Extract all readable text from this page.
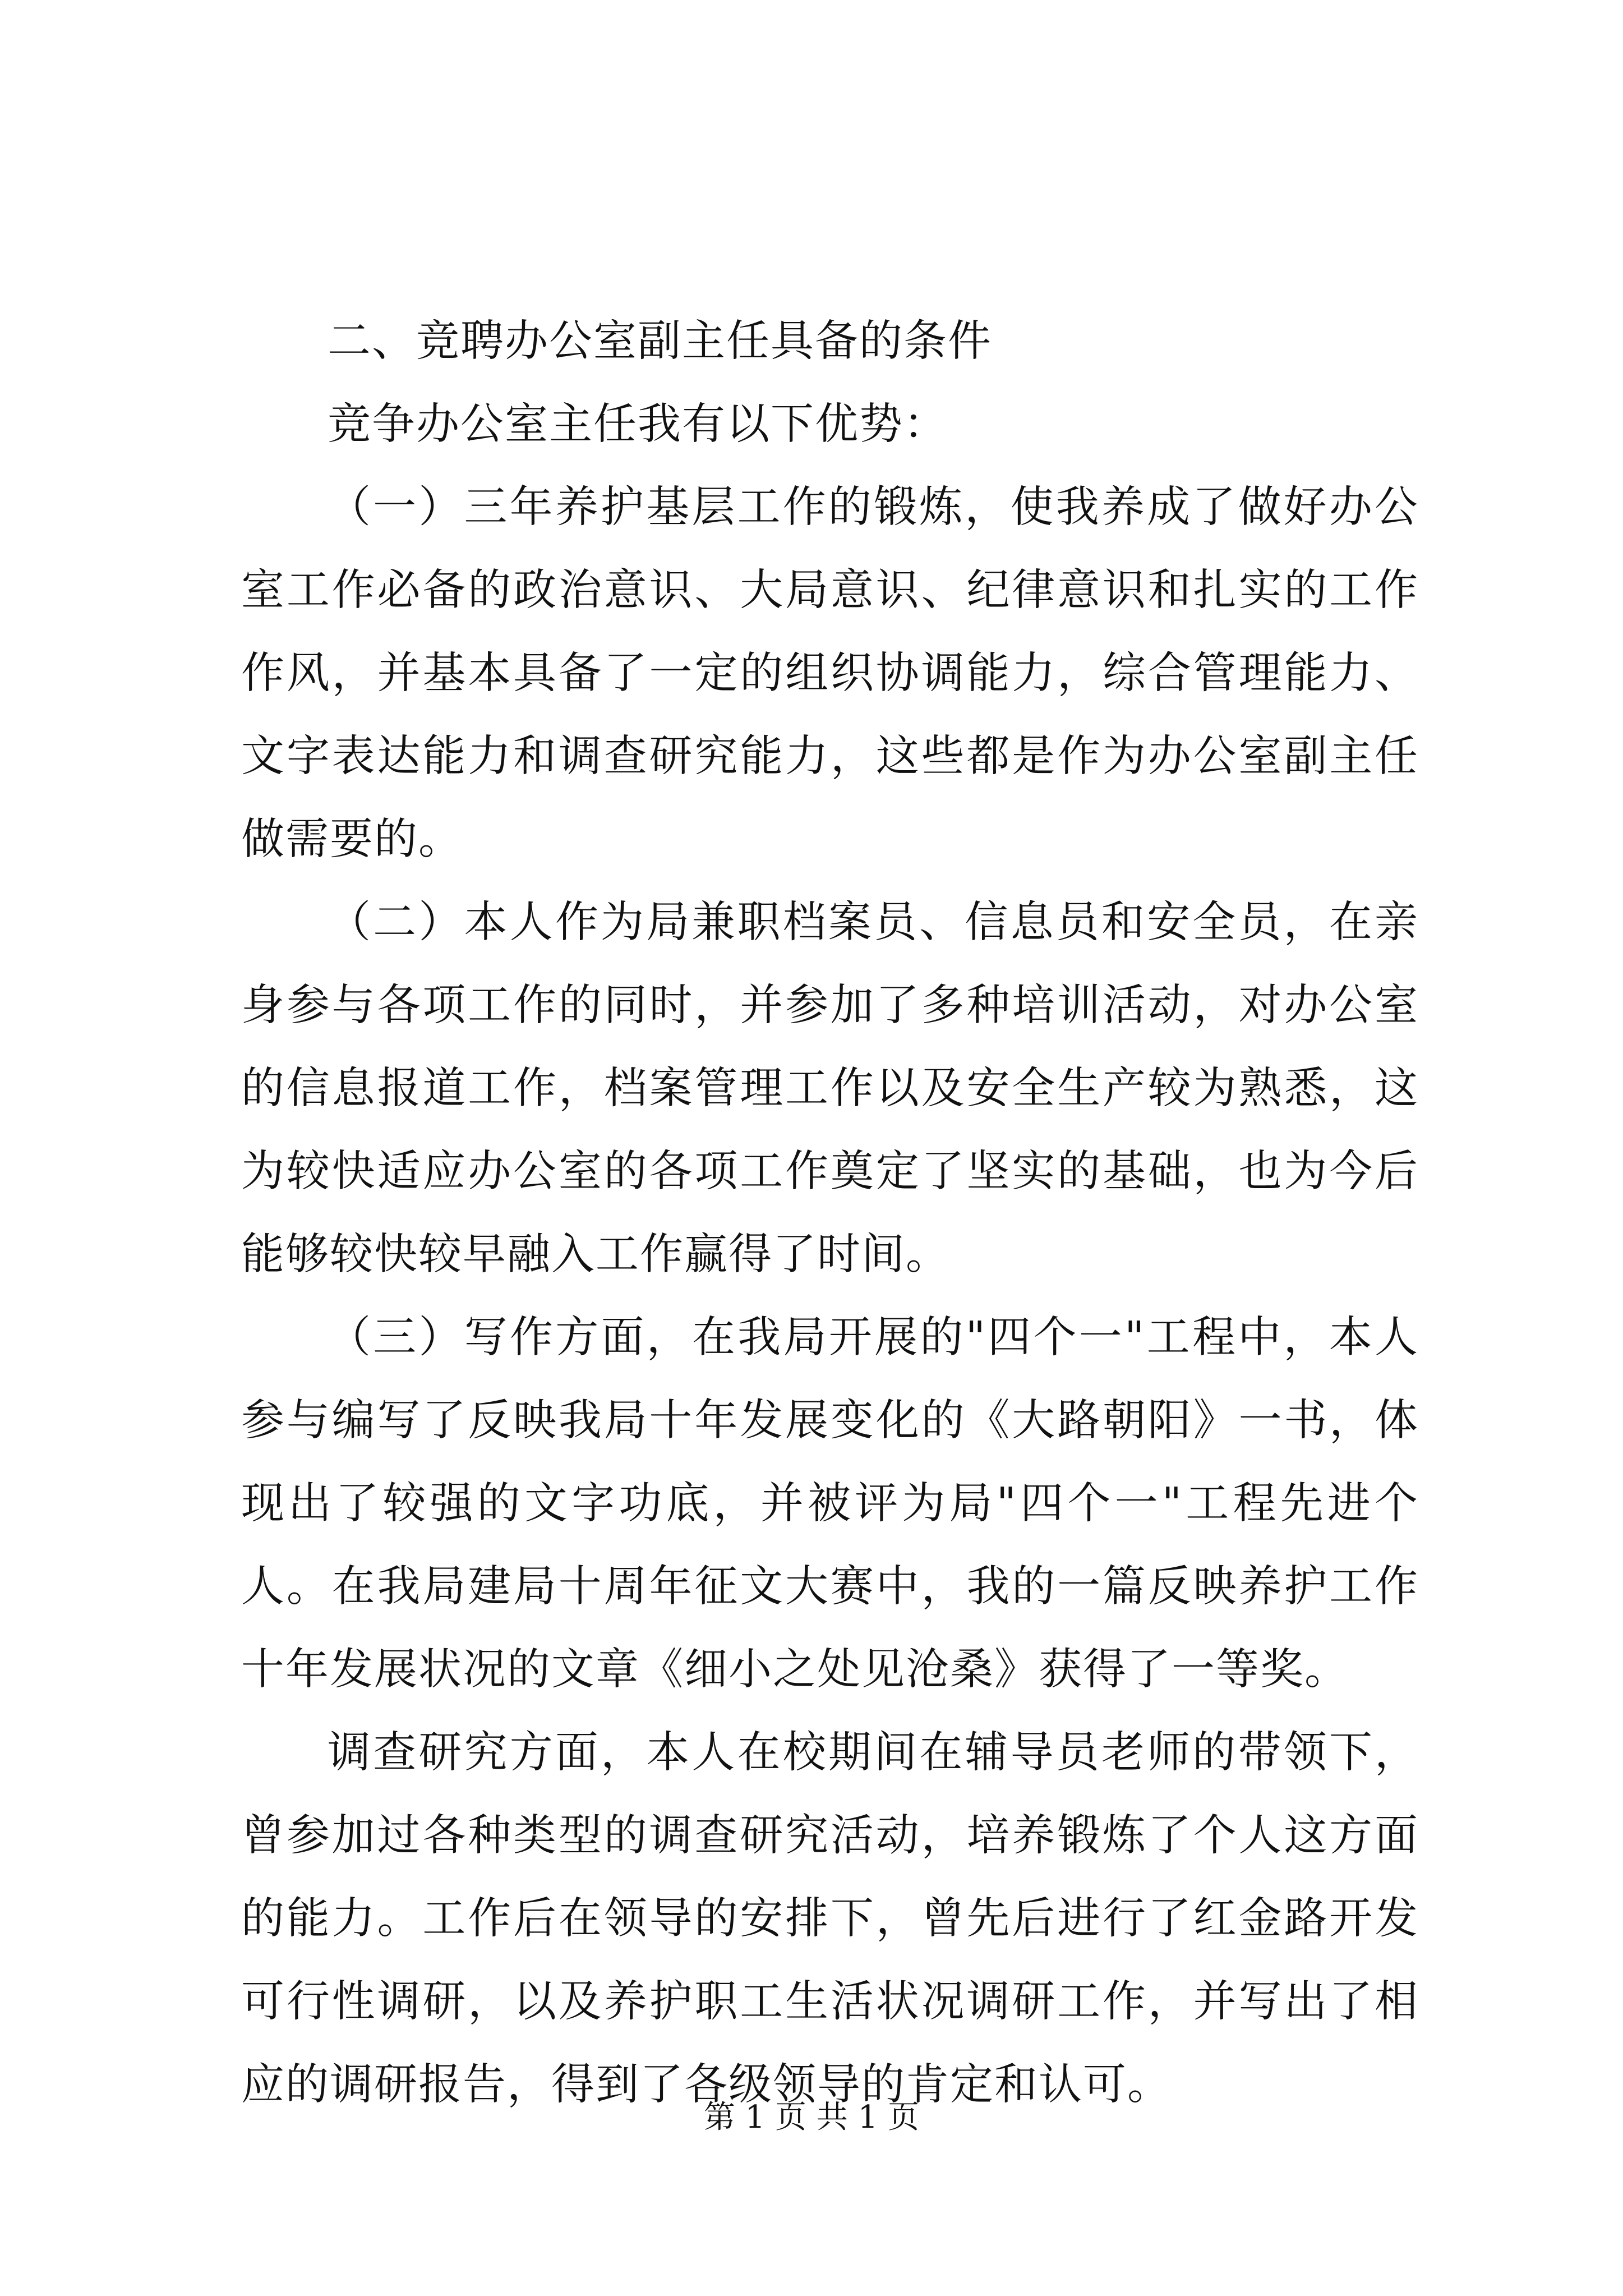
二、竞聘办公室副主任具备的条件

竞争办公室主任我有以下优势：

（一）三年养护基层工作的锻炼，使我养成了做好办公室工作必备的政治意识、大局意识、纪律意识和扎实的工作作风，并基本具备了一定的组织协调能力，综合管理能力、文字表达能力和调查研究能力，这些都是作为办公室副主任做需要的。

（二）本人作为局兼职档案员、信息员和安全员，在亲身参与各项工作的同时，并参加了多种培训活动，对办公室的信息报道工作，档案管理工作以及安全生产较为熟悉，这为较快适应办公室的各项工作奠定了坚实的基础，也为今后能够较快较早融入工作赢得了时间。

（三）写作方面，在我局开展的"四个一"工程中，本人参与编写了反映我局十年发展变化的《大路朝阳》一书，体现出了较强的文字功底，并被评为局"四个一"工程先进个人。在我局建局十周年征文大赛中，我的一篇反映养护工作十年发展状况的文章《细小之处见沧桑》获得了一等奖。

调查研究方面，本人在校期间在辅导员老师的带领下，曾参加过各种类型的调查研究活动，培养锻炼了个人这方面的能力。工作后在领导的安排下，曾先后进行了红金路开发可行性调研，以及养护职工生活状况调研工作，并写出了相应的调研报告，得到了各级领导的肯定和认可。

第 1 页 共 1 页
